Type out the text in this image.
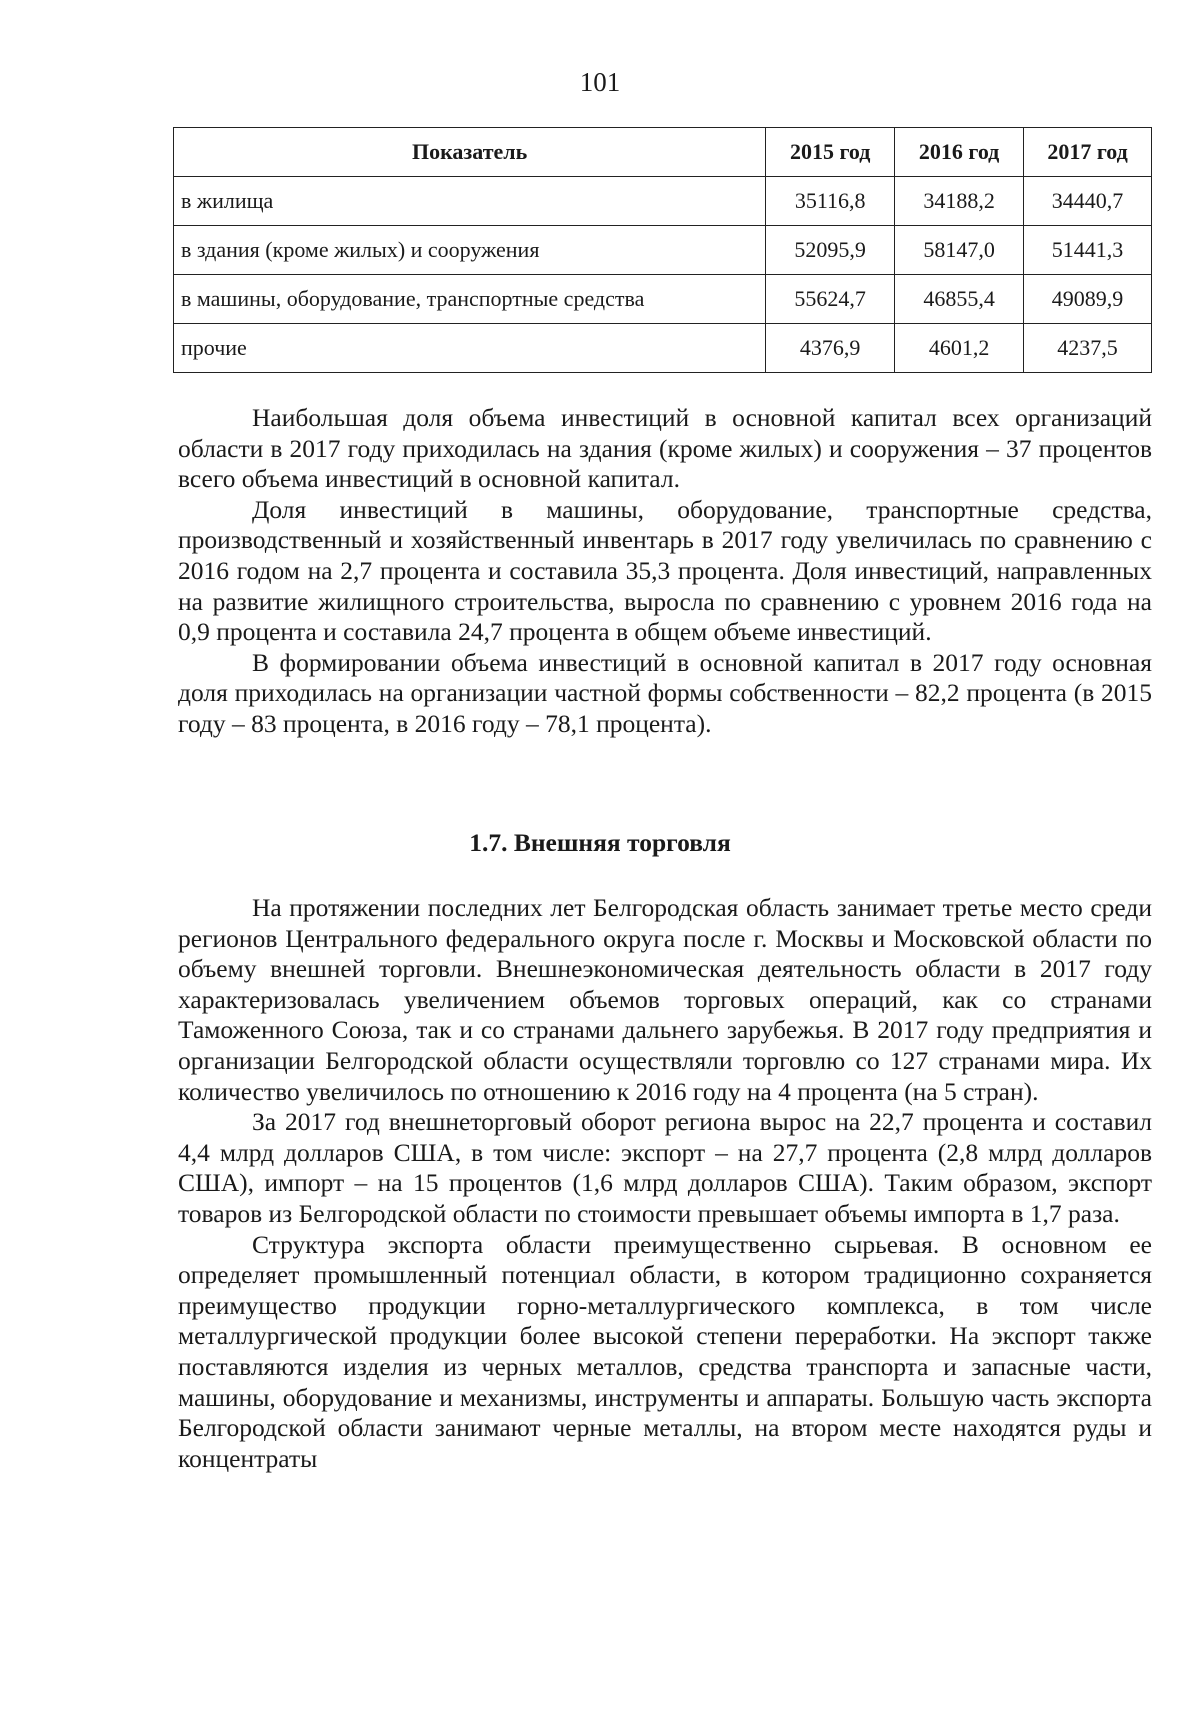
101
Показатель	2015 год	2016 год	2017 год
в жилища	35116,8	34188,2	34440,7
в здания (кроме жилых) и сооружения	52095,9	58147,0	51441,3
в машины, оборудование, транспортные средства	55624,7	46855,4	49089,9
прочие	4376,9	4601,2	4237,5

Наибольшая доля объема инвестиций в основной капитал всех организаций области в 2017 году приходилась на здания (кроме жилых) и сооружения – 37 процентов всего объема инвестиций в основной капитал.

Доля инвестиций в машины, оборудование, транспортные средства, производственный и хозяйственный инвентарь в 2017 году увеличилась по сравнению с 2016 годом на 2,7 процента и составила 35,3 процента. Доля инвестиций, направленных на развитие жилищного строительства, выросла по сравнению с уровнем 2016 года на 0,9 процента и составила 24,7 процента в общем объеме инвестиций.

В формировании объема инвестиций в основной капитал в 2017 году основная доля приходилась на организации частной формы собственности – 82,2 процента (в 2015 году – 83 процента, в 2016 году – 78,1 процента).

1.7. Внешняя торговля

На протяжении последних лет Белгородская область занимает третье место среди регионов Центрального федерального округа после г. Москвы и Московской области по объему внешней торговли. Внешнеэкономическая деятельность области в 2017 году характеризовалась увеличением объемов торговых операций, как со странами Таможенного Союза, так и со странами дальнего зарубежья. В 2017 году предприятия и организации Белгородской области осуществляли торговлю со 127 странами мира. Их количество увеличилось по отношению к 2016 году на 4 процента (на 5 стран).

За 2017 год внешнеторговый оборот региона вырос на 22,7 процента и составил 4,4 млрд долларов США, в том числе: экспорт – на 27,7 процента (2,8 млрд долларов США), импорт – на 15 процентов (1,6 млрд долларов США). Таким образом, экспорт товаров из Белгородской области по стоимости превышает объемы импорта в 1,7 раза.

Структура экспорта области преимущественно сырьевая. В основном ее определяет промышленный потенциал области, в котором традиционно сохраняется преимущество продукции горно-металлургического комплекса, в том числе металлургической продукции более высокой степени переработки. На экспорт также поставляются изделия из черных металлов, средства транспорта и запасные части, машины, оборудование и механизмы, инструменты и аппараты. Большую часть экспорта Белгородской области занимают черные металлы, на втором месте находятся руды и концентраты
